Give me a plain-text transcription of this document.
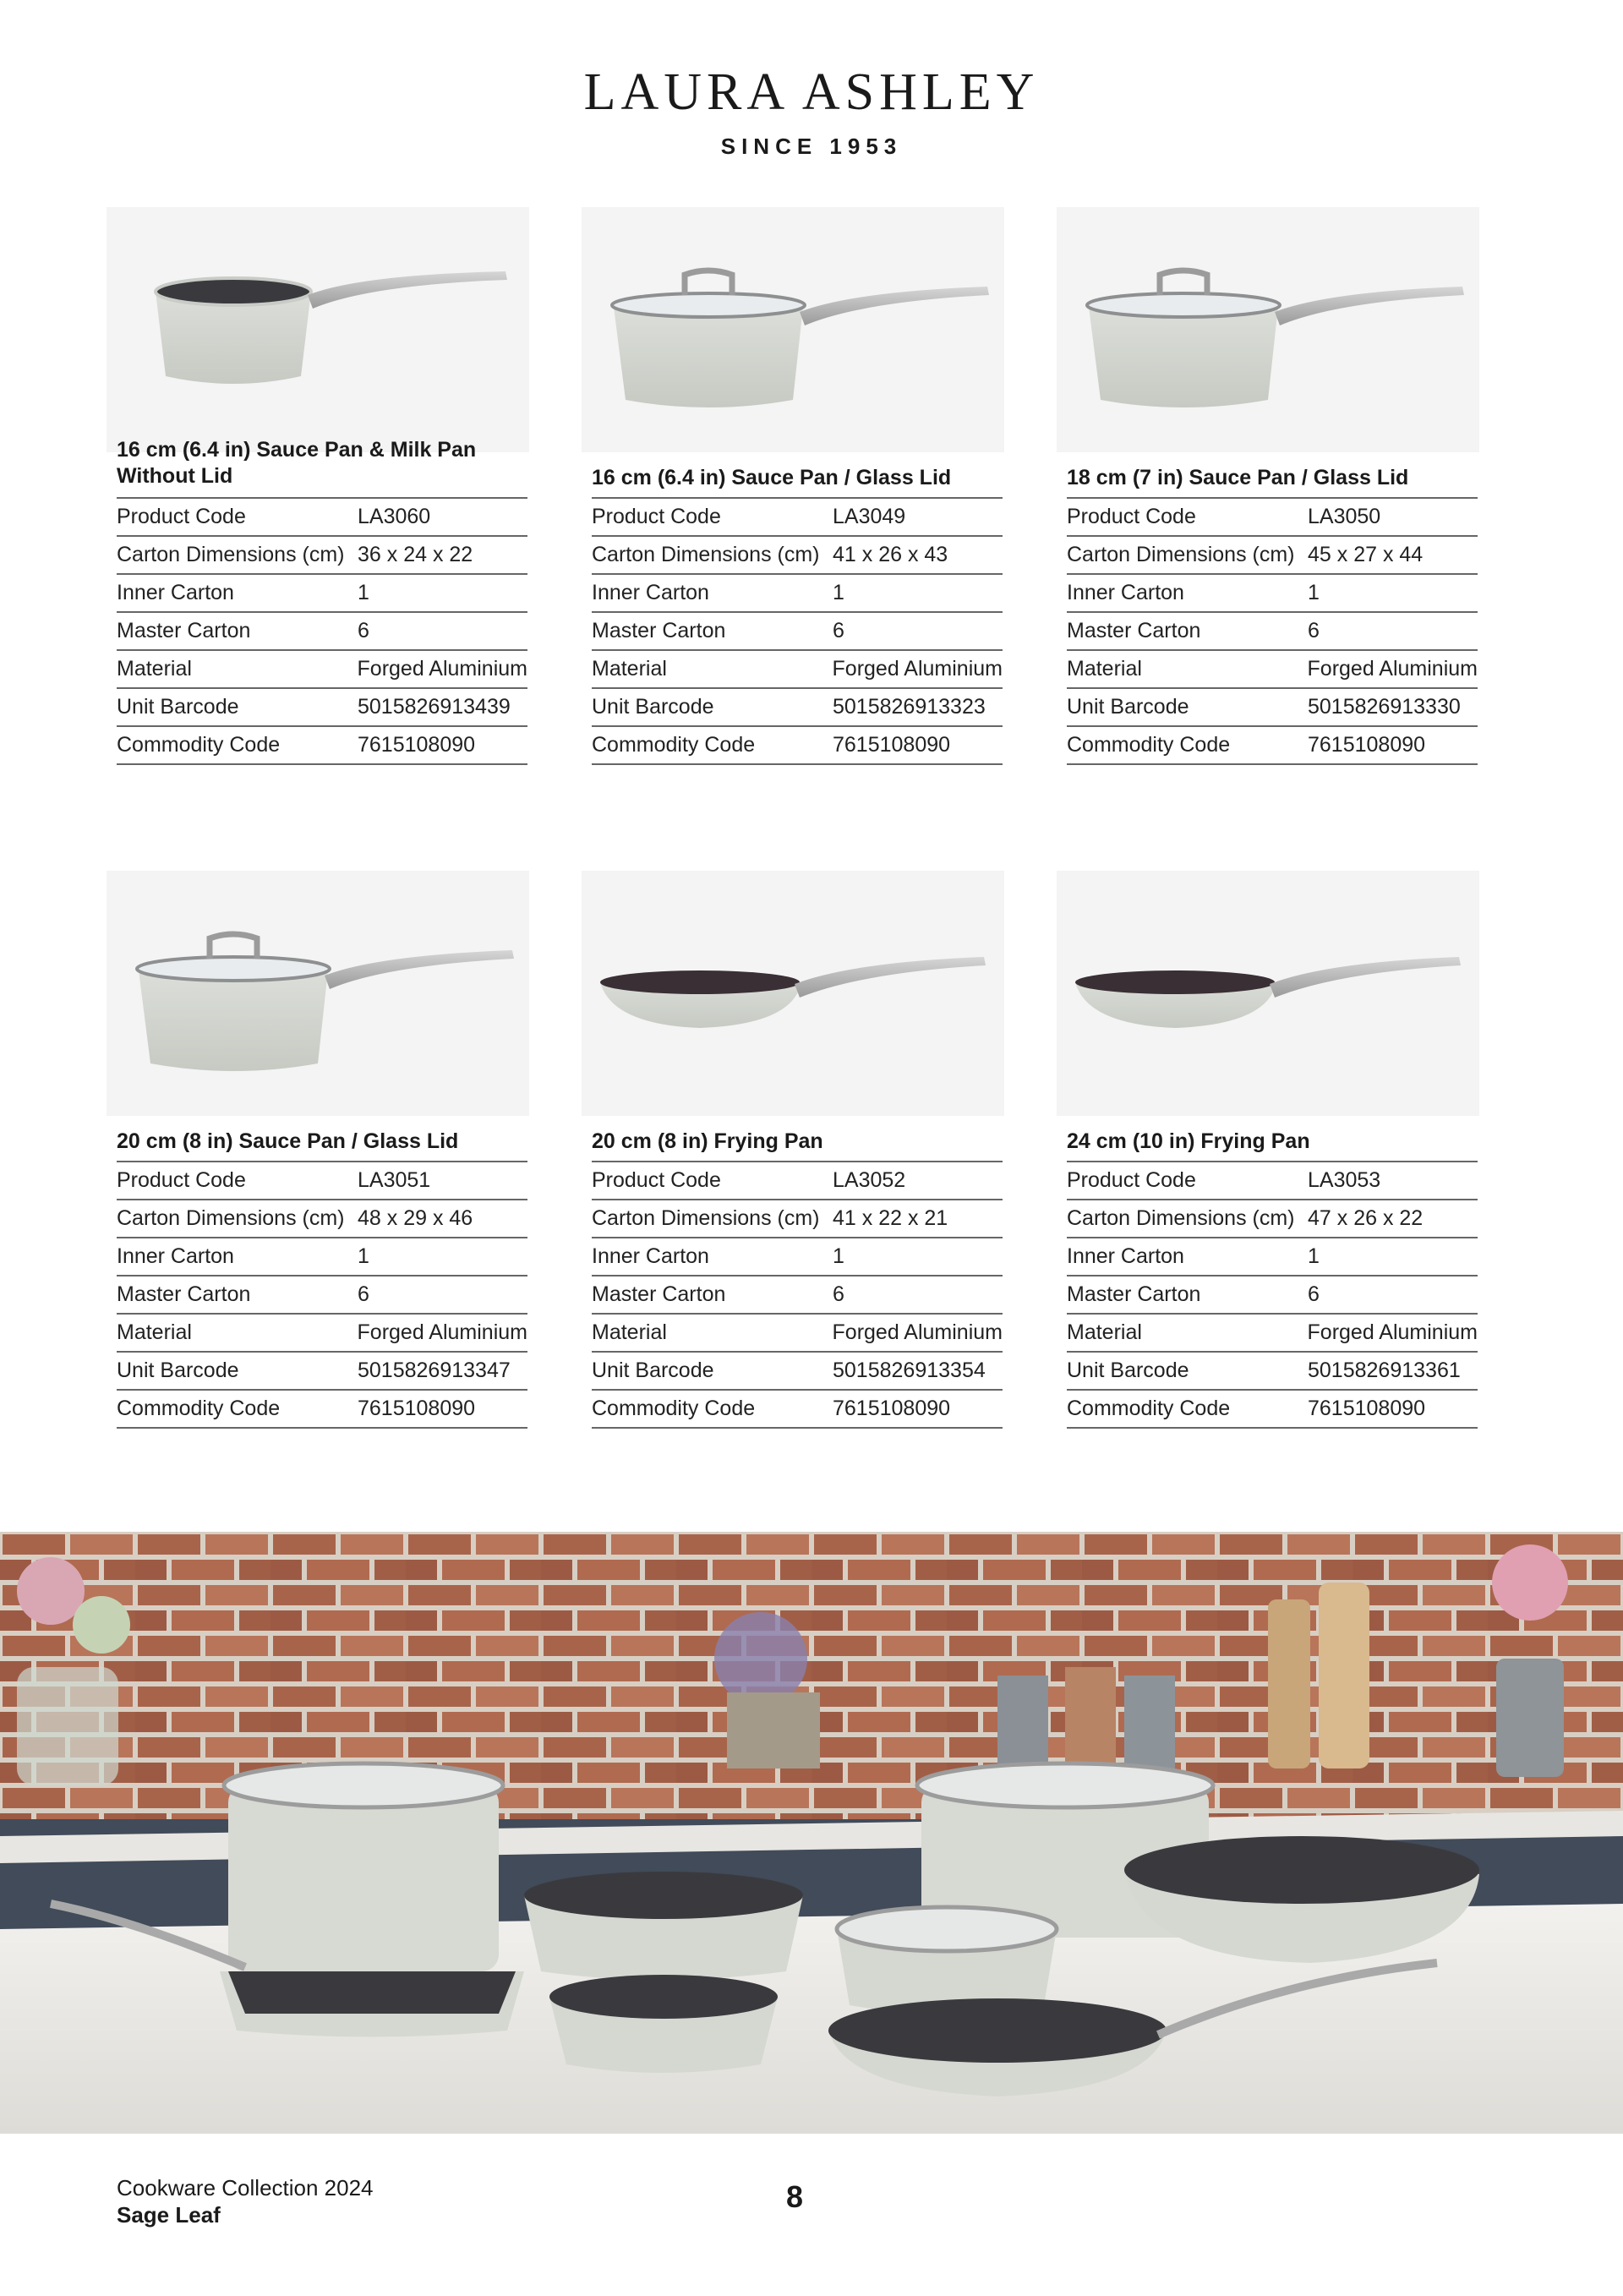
LAURA ASHLEY
SINCE 1953
16 cm (6.4 in) Sauce Pan & Milk Pan Without Lid
Product Code	LA3060
Carton Dimensions (cm) 36 x 24 x 22
Inner Carton	1
Master Carton	6
Material	Forged Aluminium
Unit Barcode	5015826913439
Commodity Code	7615108090
16 cm (6.4 in) Sauce Pan / Glass Lid
Product Code	LA3049
Carton Dimensions (cm) 41 x 26 x 43
Inner Carton	1
Master Carton	6
Material	Forged Aluminium
Unit Barcode	5015826913323
Commodity Code	7615108090
18 cm (7 in) Sauce Pan / Glass Lid
Product Code	LA3050
Carton Dimensions (cm) 45 x 27 x 44
Inner Carton	1
Master Carton	6
Material	Forged Aluminium
Unit Barcode	5015826913330
Commodity Code	7615108090
20 cm (8 in) Sauce Pan / Glass Lid
Product Code	LA3051
Carton Dimensions (cm) 48 x 29 x 46
Inner Carton	1
Master Carton	6
Material	Forged Aluminium
Unit Barcode	5015826913347
Commodity Code	7615108090
20 cm (8 in) Frying Pan
Product Code	LA3052
Carton Dimensions (cm) 41 x 22 x 21
Inner Carton	1
Master Carton	6
Material	Forged Aluminium
Unit Barcode	5015826913354
Commodity Code	7615108090
24 cm (10 in) Frying Pan
Product Code	LA3053
Carton Dimensions (cm) 47 x 26 x 22
Inner Carton	1
Master Carton	6
Material	Forged Aluminium
Unit Barcode	5015826913361
Commodity Code	7615108090
Cookware Collection 2024
Sage Leaf
8
